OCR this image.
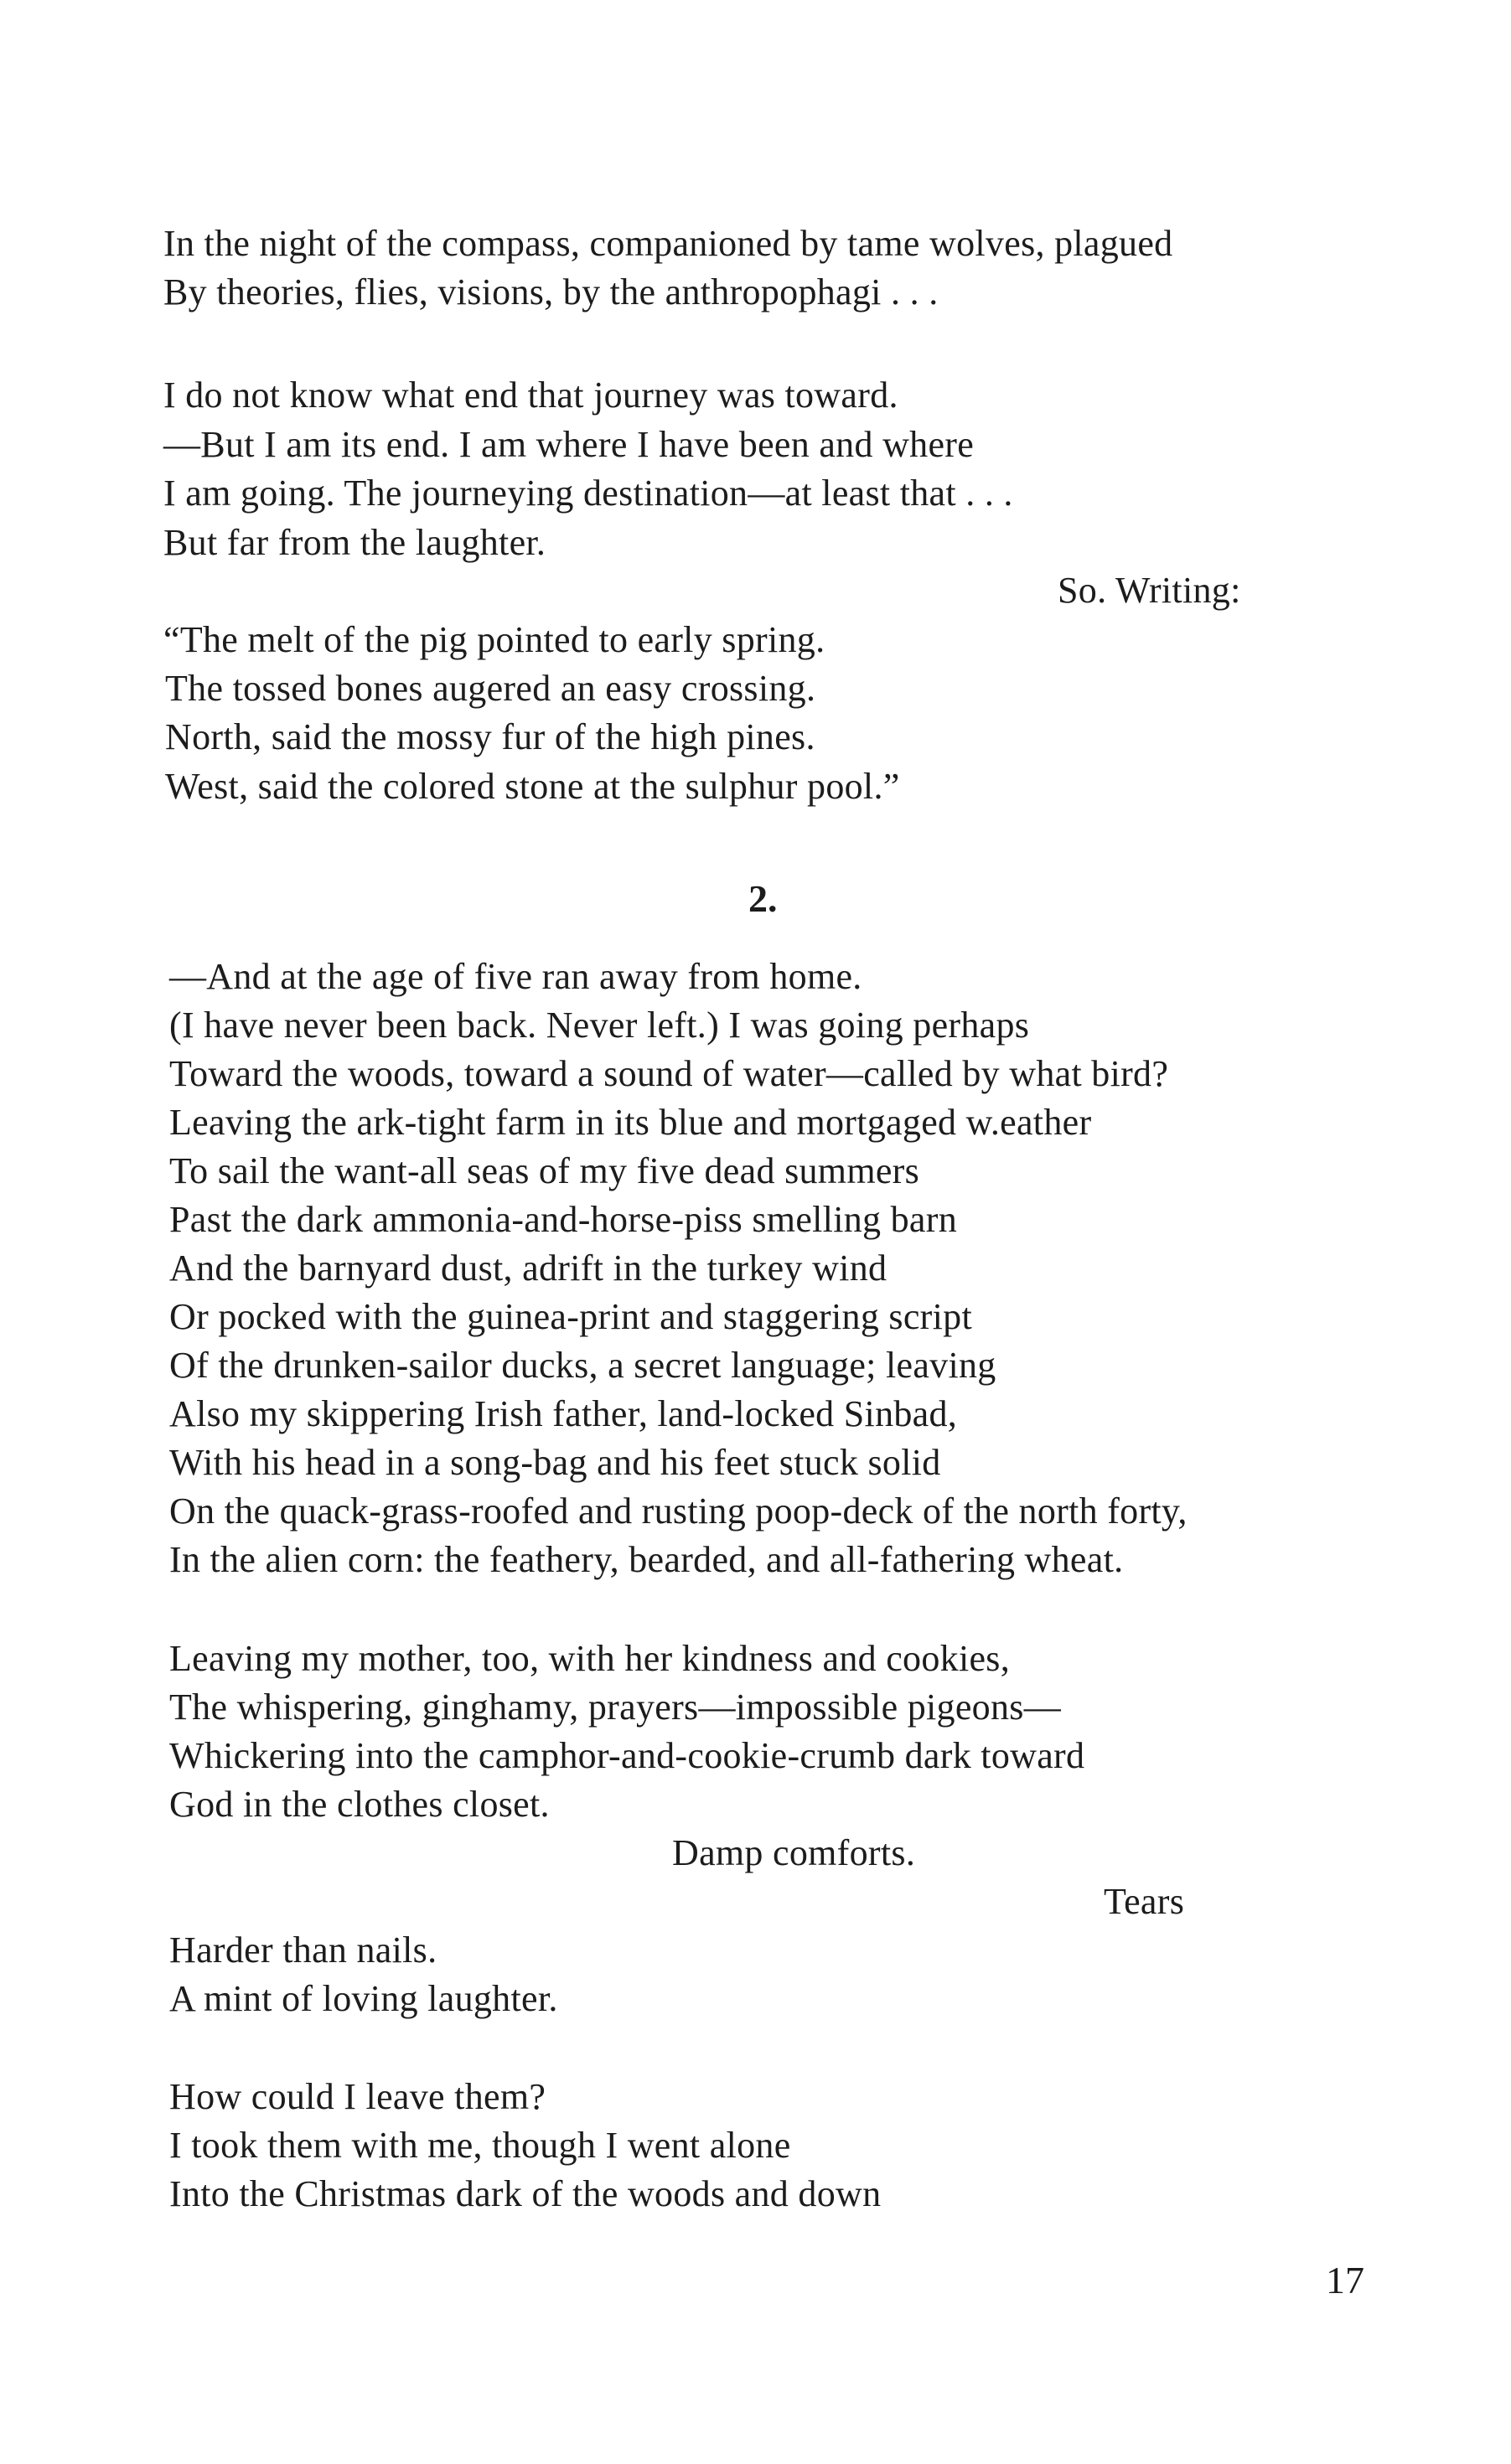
In the night of the compass, companioned by tame wolves, plagued
By theories, flies, visions, by the anthropophagi . . .
I do not know what end that journey was toward.
—But I am its end. I am where I have been and where
I am going. The journeying destination—at least that . . .
But far from the laughter.
So. Writing:
“The melt of the pig pointed to early spring.
The tossed bones augered an easy crossing.
North, said the mossy fur of the high pines.
West, said the colored stone at the sulphur pool.”
2.
—And at the age of five ran away from home.
(I have never been back. Never left.) I was going perhaps
Toward the woods, toward a sound of water—called by what bird?
Leaving the ark-tight farm in its blue and mortgaged w.eather
To sail the want-all seas of my five dead summers
Past the dark ammonia-and-horse-piss smelling barn
And the barnyard dust, adrift in the turkey wind
Or pocked with the guinea-print and staggering script
Of the drunken-sailor ducks, a secret language; leaving
Also my skippering Irish father, land-locked Sinbad,
With his head in a song-bag and his feet stuck solid
On the quack-grass-roofed and rusting poop-deck of the north forty,
In the alien corn: the feathery, bearded, and all-fathering wheat.
Leaving my mother, too, with her kindness and cookies,
The whispering, ginghamy, prayers—impossible pigeons—
Whickering into the camphor-and-cookie-crumb dark toward
God in the clothes closet.
Damp comforts.
Tears
Harder than nails.
A mint of loving laughter.
How could I leave them?
I took them with me, though I went alone
Into the Christmas dark of the woods and down
17
